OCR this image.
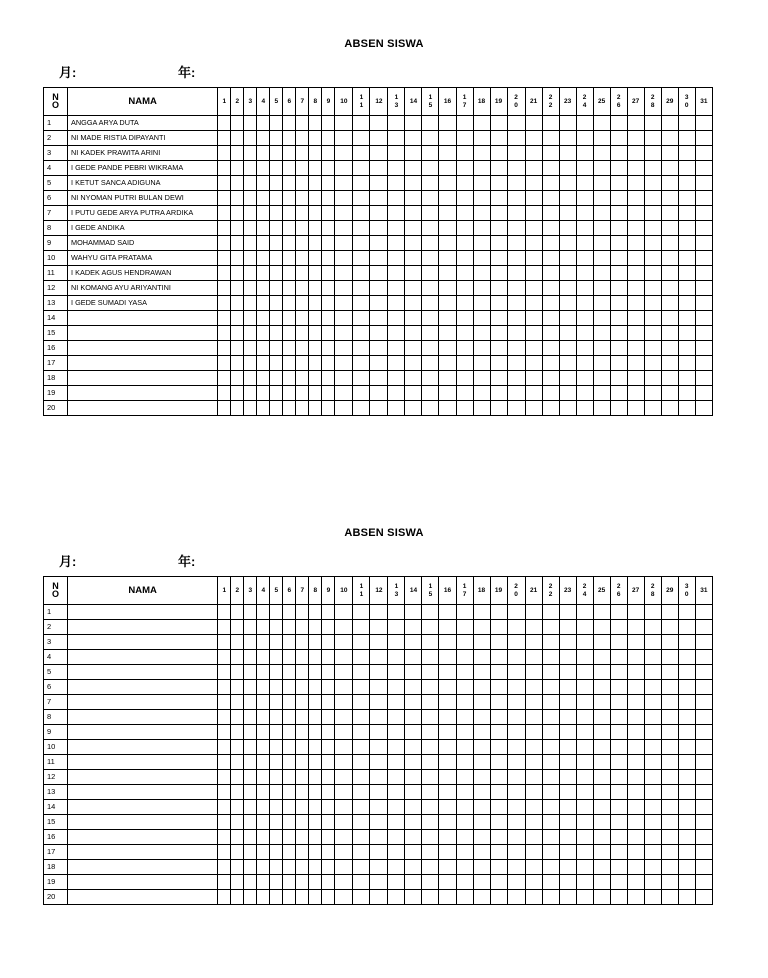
ABSEN SISWA
月:	年:
NO	NAMA	1	2	3	4	5	6	7	8	9	10	11	12	13	14	15	16	17	18	19	20	21	22	23	24	25	26	27	28	29	30	31
1	ANGGA ARYA DUTA																															
2	NI MADE RISTIA DIPAYANTI																															
3	NI KADEK PRAWITA ARINI																															
4	I GEDE PANDE PEBRI WIKRAMA																															
5	I KETUT SANCA ADIGUNA																															
6	NI NYOMAN PUTRI BULAN DEWI																															
7	I PUTU GEDE ARYA PUTRA ARDIKA																															
8	I GEDE ANDIKA																															
9	MOHAMMAD SAID																															
10	WAHYU GITA PRATAMA																															
11	I KADEK AGUS HENDRAWAN																															
12	NI KOMANG AYU ARIYANTINI																															
13	I GEDE SUMADI YASA																															
14																																
15																																
16																																
17																																
18																																
19																																
20																																
ABSEN SISWA
月:	年:
NO	NAMA	1	2	3	4	5	6	7	8	9	10	11	12	13	14	15	16	17	18	19	20	21	22	23	24	25	26	27	28	29	30	31
1																																
2																																
3																																
4																																
5																																
6																																
7																																
8																																
9																																
10																																
11																																
12																																
13																																
14																																
15																																
16																																
17																																
18																																
19																																
20																																
